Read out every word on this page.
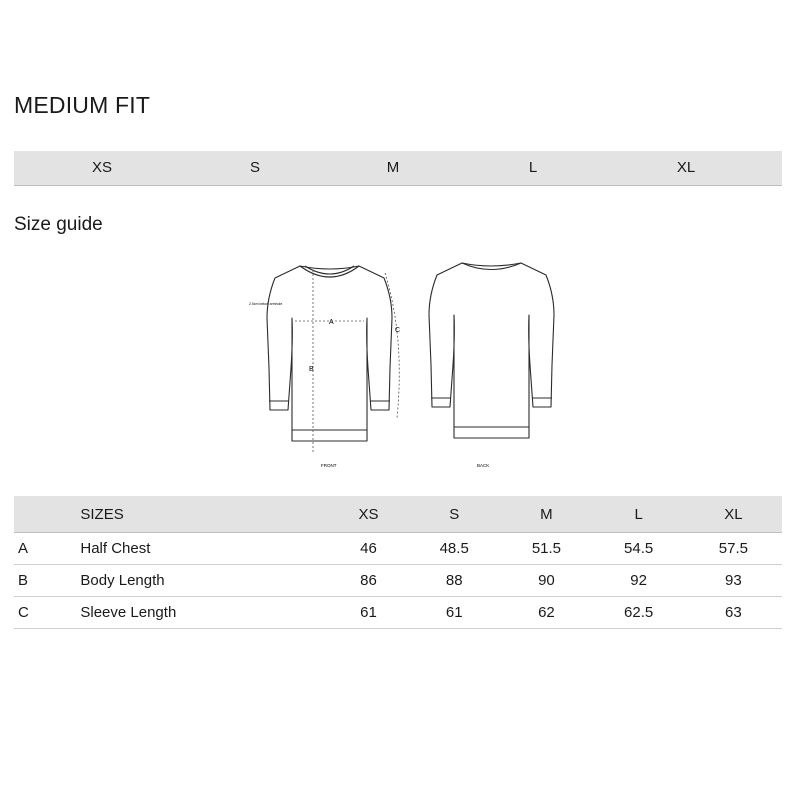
MEDIUM FIT
XS	S	M	L	XL
Size guide
A
B
C
2.5cm below armhole
FRONT	BACK
	SIZES	XS	S	M	L	XL
A	Half Chest	46	48.5	51.5	54.5	57.5
B	Body Length	86	88	90	92	93
C	Sleeve Length	61	61	62	62.5	63
